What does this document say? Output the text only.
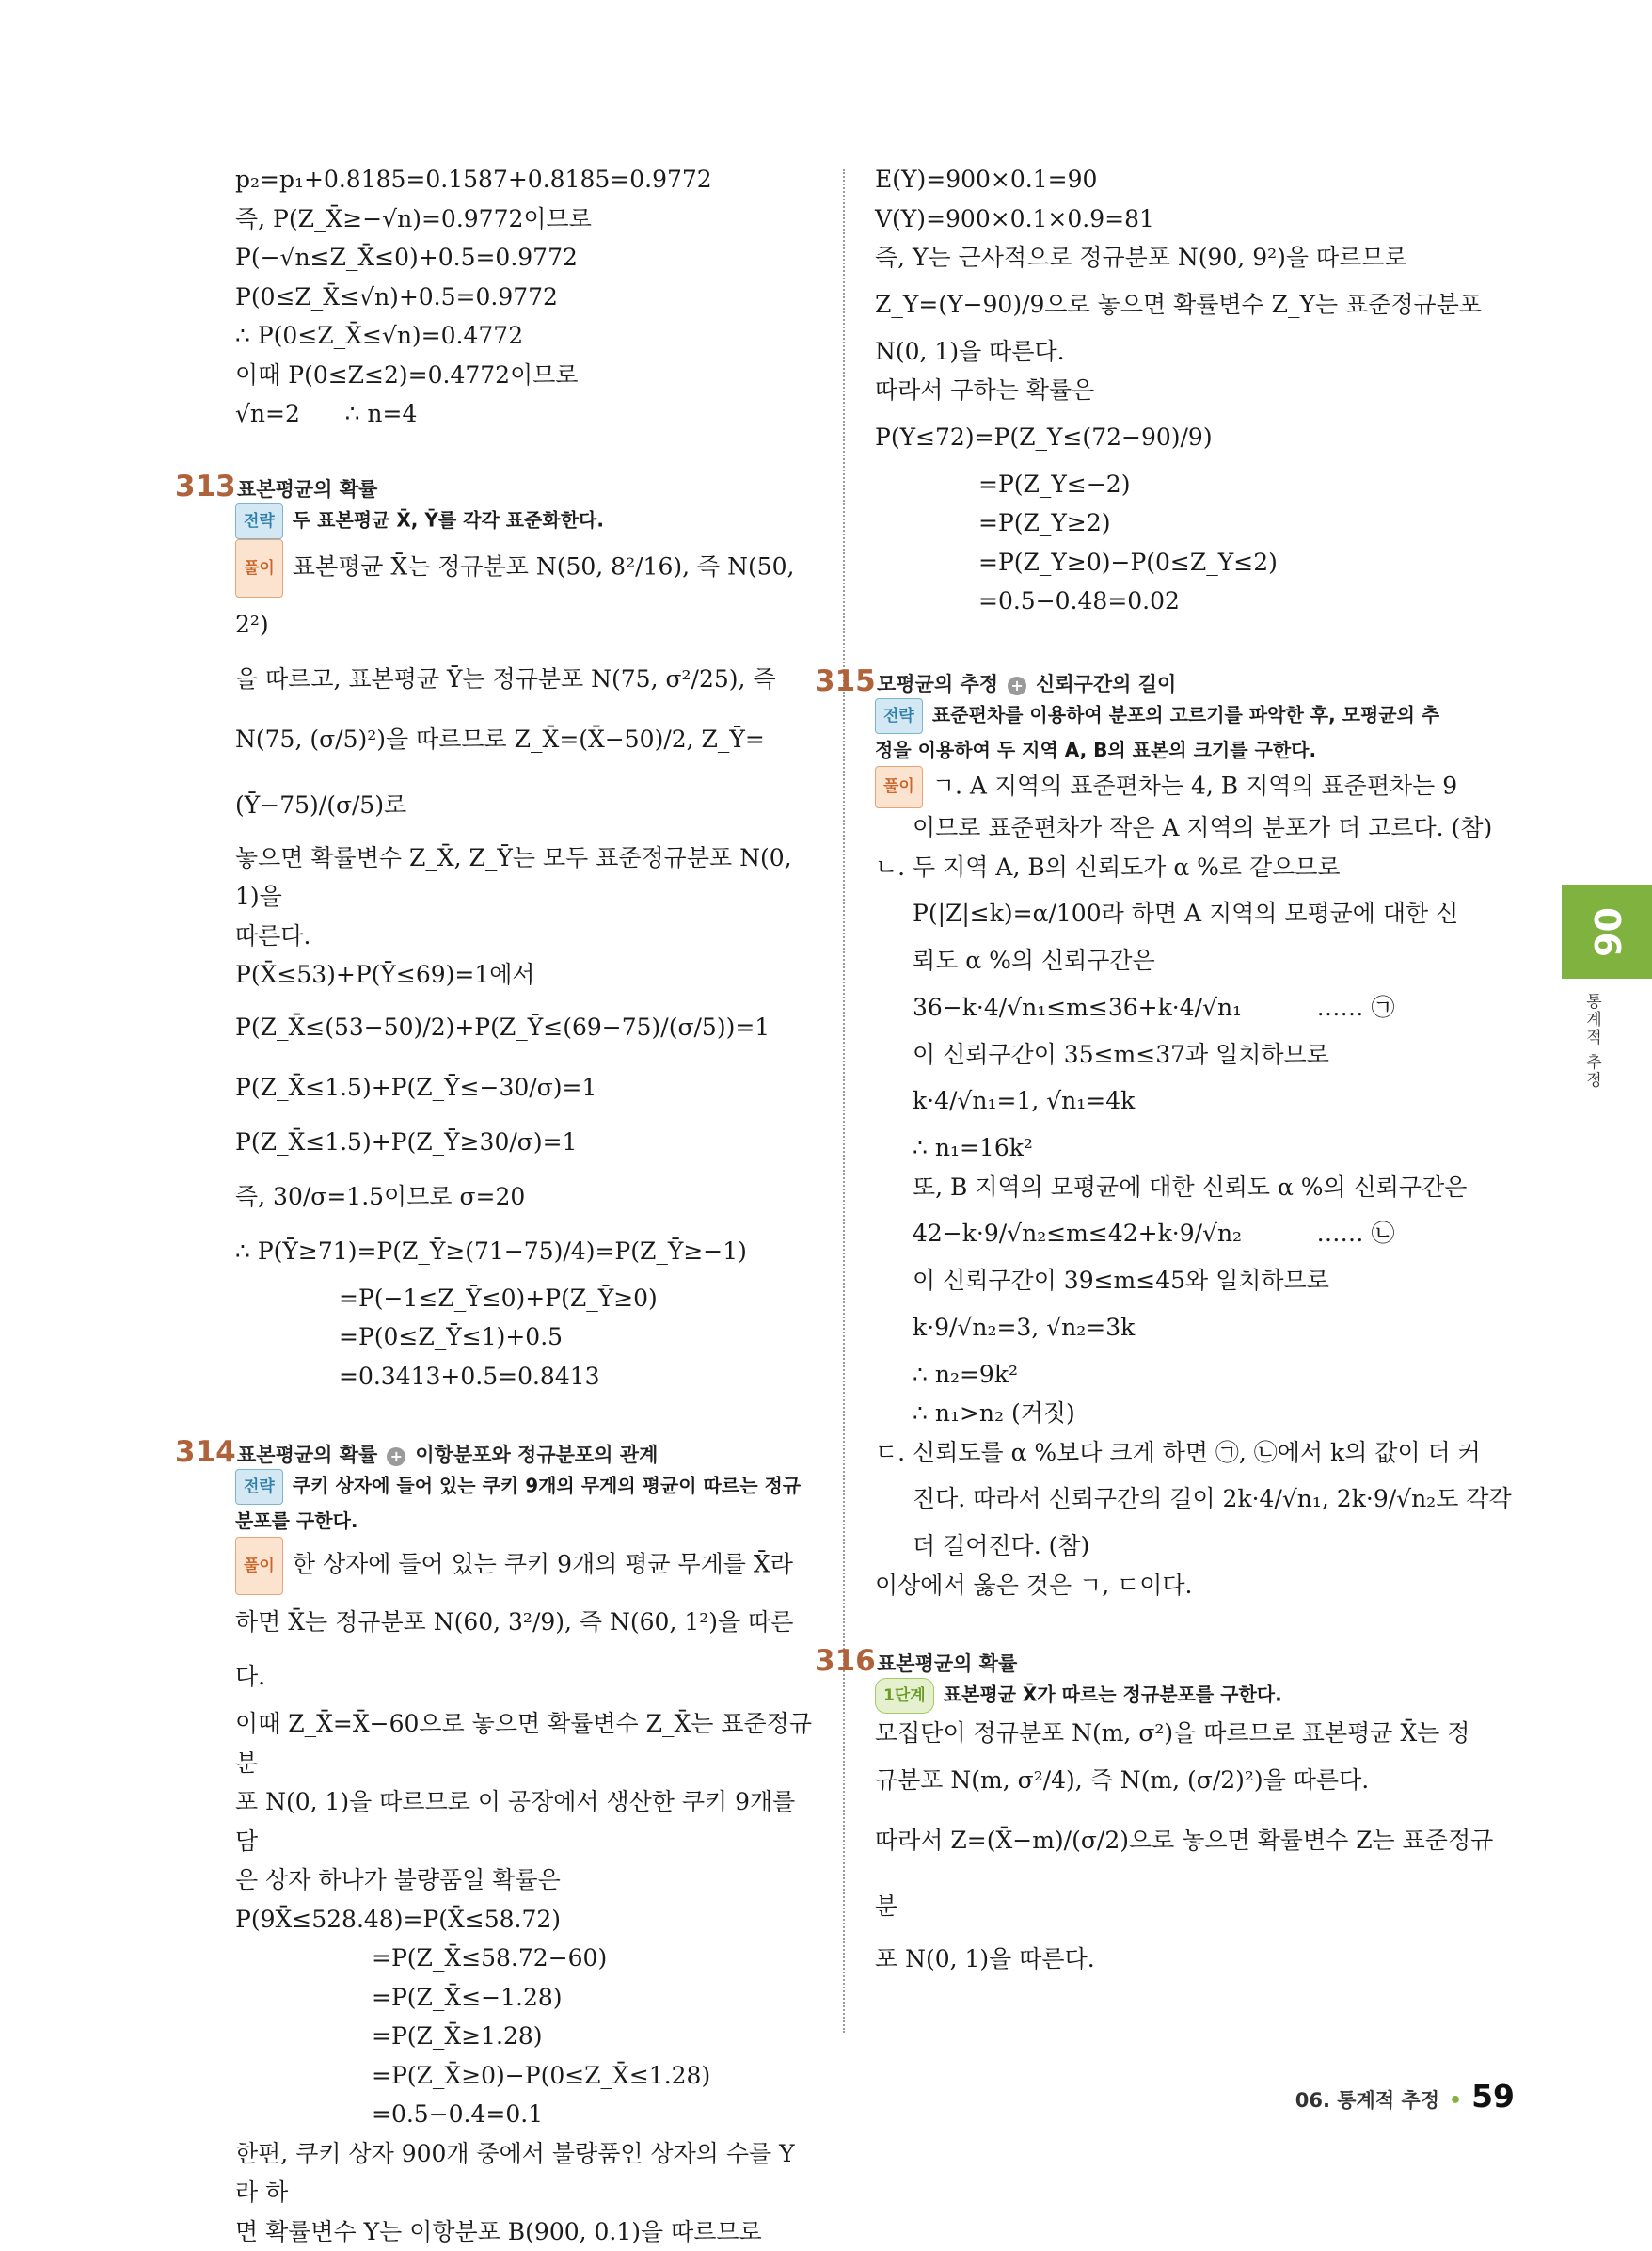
p₂=p₁+0.8185=0.1587+0.8185=0.9772

즉, P(Z_X̄≥−√n)=0.9772이므로

P(−√n≤Z_X̄≤0)+0.5=0.9772

P(0≤Z_X̄≤√n)+0.5=0.9772

∴ P(0≤Z_X̄≤√n)=0.4772

이때 P(0≤Z≤2)=0.4772이므로

√n=2      ∴ n=4

313 표본평균의 확률
전략 두 표본평균 X̄, Ȳ를 각각 표준화한다.

풀이 표본평균 X̄는 정규분포 N(50, 8²/16), 즉 N(50, 2²)

을 따르고, 표본평균 Ȳ는 정규분포 N(75, σ²/25), 즉

N(75, (σ/5)²)을 따르므로 Z_X̄=(X̄−50)/2, Z_Ȳ=(Ȳ−75)/(σ/5)로

놓으면 확률변수 Z_X̄, Z_Ȳ는 모두 표준정규분포 N(0, 1)을

따른다.

P(X̄≤53)+P(Ȳ≤69)=1에서

P(Z_X̄≤(53−50)/2)+P(Z_Ȳ≤(69−75)/(σ/5))=1

P(Z_X̄≤1.5)+P(Z_Ȳ≤−30/σ)=1

P(Z_X̄≤1.5)+P(Z_Ȳ≥30/σ)=1

즉, 30/σ=1.5이므로 σ=20

∴ P(Ȳ≥71)=P(Z_Ȳ≥(71−75)/4)=P(Z_Ȳ≥−1)

=P(−1≤Z_Ȳ≤0)+P(Z_Ȳ≥0)

=P(0≤Z_Ȳ≤1)+0.5

=0.3413+0.5=0.8413

314 표본평균의 확률 + 이항분포와 정규분포의 관계
전략 쿠키 상자에 들어 있는 쿠키 9개의 무게의 평균이 따르는 정규
분포를 구한다.

풀이 한 상자에 들어 있는 쿠키 9개의 평균 무게를 X̄라

하면 X̄는 정규분포 N(60, 3²/9), 즉 N(60, 1²)을 따른다.

이때 Z_X̄=X̄−60으로 놓으면 확률변수 Z_X̄는 표준정규분

포 N(0, 1)을 따르므로 이 공장에서 생산한 쿠키 9개를 담

은 상자 하나가 불량품일 확률은

P(9X̄≤528.48)=P(X̄≤58.72)

=P(Z_X̄≤58.72−60)

=P(Z_X̄≤−1.28)

=P(Z_X̄≥1.28)

=P(Z_X̄≥0)−P(0≤Z_X̄≤1.28)

=0.5−0.4=0.1

한편, 쿠키 상자 900개 중에서 불량품인 상자의 수를 Y라 하

면 확률변수 Y는 이항분포 B(900, 0.1)을 따르므로

E(Y)=900×0.1=90

V(Y)=900×0.1×0.9=81

즉, Y는 근사적으로 정규분포 N(90, 9²)을 따르므로

Z_Y=(Y−90)/9으로 놓으면 확률변수 Z_Y는 표준정규분포

N(0, 1)을 따른다.

따라서 구하는 확률은

P(Y≤72)=P(Z_Y≤(72−90)/9)

=P(Z_Y≤−2)

=P(Z_Y≥2)

=P(Z_Y≥0)−P(0≤Z_Y≤2)

=0.5−0.48=0.02

315 모평균의 추정 + 신뢰구간의 길이
전략 표준편차를 이용하여 분포의 고르기를 파악한 후, 모평균의 추
정을 이용하여 두 지역 A, B의 표본의 크기를 구한다.

풀이 ㄱ. A 지역의 표준편차는 4, B 지역의 표준편차는 9

이므로 표준편차가 작은 A 지역의 분포가 더 고르다. (참)

ㄴ. 두 지역 A, B의 신뢰도가 α %로 같으므로

P(|Z|≤k)=α/100라 하면 A 지역의 모평균에 대한 신

뢰도 α %의 신뢰구간은

36−k·4/√n₁≤m≤36+k·4/√n₁          …… ㉠

이 신뢰구간이 35≤m≤37과 일치하므로

k·4/√n₁=1, √n₁=4k

∴ n₁=16k²

또, B 지역의 모평균에 대한 신뢰도 α %의 신뢰구간은

42−k·9/√n₂≤m≤42+k·9/√n₂          …… ㉡

이 신뢰구간이 39≤m≤45와 일치하므로

k·9/√n₂=3, √n₂=3k

∴ n₂=9k²

∴ n₁>n₂ (거짓)

ㄷ. 신뢰도를 α %보다 크게 하면 ㉠, ㉡에서 k의 값이 더 커

진다. 따라서 신뢰구간의 길이 2k·4/√n₁, 2k·9/√n₂도 각각

더 길어진다. (참)

이상에서 옳은 것은 ㄱ, ㄷ이다.

316 표본평균의 확률
1단계 표본평균 X̄가 따르는 정규분포를 구한다.

모집단이 정규분포 N(m, σ²)을 따르므로 표본평균 X̄는 정

규분포 N(m, σ²/4), 즉 N(m, (σ/2)²)을 따른다.

따라서 Z=(X̄−m)/(σ/2)으로 놓으면 확률변수 Z는 표준정규분

포 N(0, 1)을 따른다.

06
통계적 추정
06. 통계적 추정 • 59
